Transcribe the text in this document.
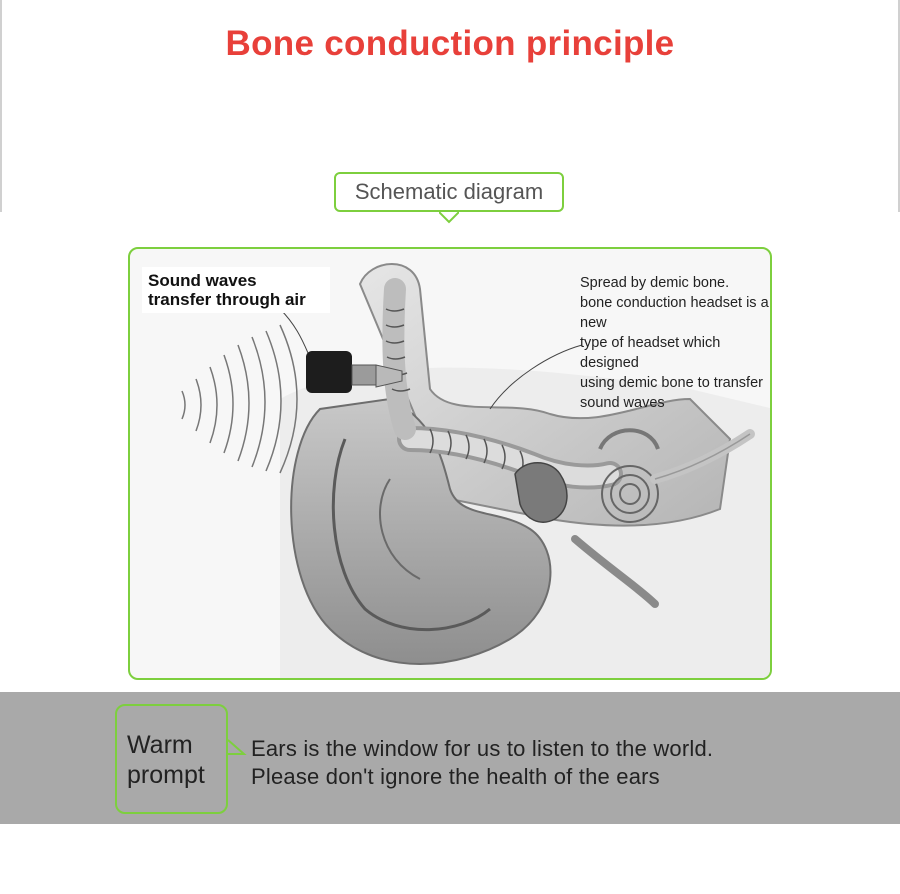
Bone conduction principle
Schematic diagram
Sound waves
transfer through air
Spread by demic bone.
bone conduction headset is a new
type of headset which designed
using demic bone to transfer
sound waves
Warm
prompt
Ears is the window for us to listen to the world.
Please don't ignore the health of the ears
